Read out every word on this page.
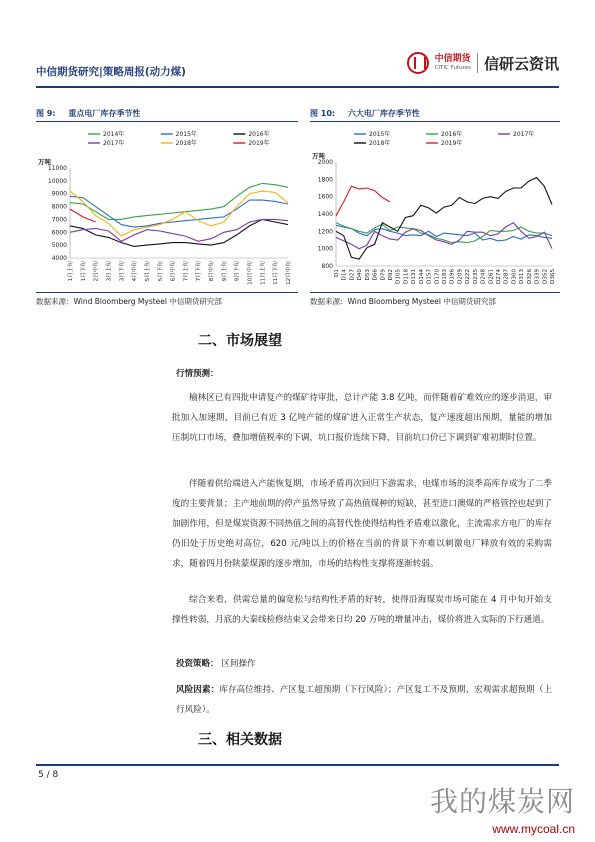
中信期货研究|策略周报(动力煤)
中信期货
CITIC Futures 信研云资讯
图 9: 重点电厂库存季节性
万吨
11000
10000
9000
8000
7000
6000
5000
4000
1月上旬	1月下旬	2月中旬	3月上旬	3月下旬	4月中旬	5月上旬	5月下旬	6月中旬	7月上旬	7月下旬	8月中旬	9月上旬	9月下旬	10月中旬	11月上旬	11月下旬	12月中旬
2014年	2015年	2016年
2017年	2018年	2019年
数据来源：Wind Bloomberg Mysteel 中信期货研究部
图 10: 六大电厂库存季节性
万吨
2000
1800
1600
1400
1200
1000
800
D1 D14 D27 D40 D53 D66 D79 D92 D105 D118 D131 D144 D157 D170 D183 D196 D209 D222 D235 D248 D261 D274 D287 D300 D313 D326 D339 D352 D365
2015年	2016年	2017年
2018年	2019年
数据来源：Wind Bloomberg Mysteel 中信期货研究部
二、市场展望
行情预测：
榆林区已有四批申请复产的煤矿待审批，总计产能 3.8 亿吨，而伴随着矿难效应的逐步消退，审批加入加速期，目前已有近 3 亿吨产能的煤矿进入正常生产状态，复产速度超出预期，量能的增加压制坑口市场，叠加增值税率的下调，坑口报价连续下降，目前坑口价已下调到矿难初期时位置。
伴随着供给端进入产能恢复期，市场矛盾再次回归下游需求，电煤市场的淡季高库存成为了二季度的主要背景；主产地前期的停产虽然导致了高热值煤种的短缺，甚至进口澳煤的严格管控也起到了加剧作用，但是煤炭资源不同热值之间的高替代性使得结构性矛盾难以激化，主流需求方电厂的库存仍旧处于历史绝对高位，620 元/吨以上的价格在当前的背景下亦难以刺激电厂释放有效的采购需求，随着四月份陕蒙煤源的逐步增加，市场的结构性支撑将逐渐转弱。
综合来看，供需总量的偏宽松与结构性矛盾的好转，使得沿海煤炭市场可能在 4 月中旬开始支撑性转弱，月底的大秦线检修结束又会带来日均 20 万吨的增量冲击，煤价将进入实际的下行通道。
投资策略： 区间操作
风险因素：库存高位维持、产区复工超预期（下行风险）；产区复工不及预期、宏观需求超预期（上行风险）。
三、相关数据
5 / 8
我的煤炭网
www.mycoal.cn
